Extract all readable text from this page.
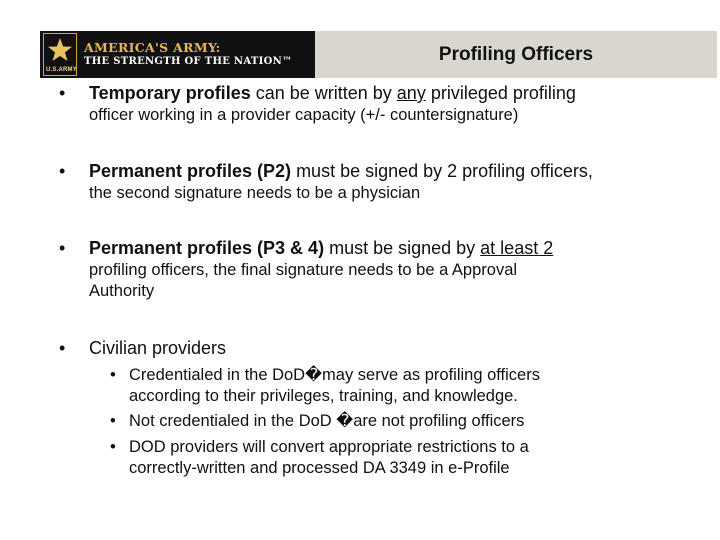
U.S.ARMY
AMERICA'S ARMY:
THE STRENGTH OF THE NATION™	Profiling Officers
• Temporary profiles can be written by any privileged profiling
officer working in a provider capacity (+/- countersignature)
• Permanent profiles (P2) must be signed by 2 profiling officers,
the second signature needs to be a physician
• Permanent profiles (P3 & 4) must be signed by at least 2
profiling officers, the final signature needs to be a Approval
Authority
• Civilian providers
• Credentialed in the DoD�may serve as profiling officers
according to their privileges, training, and knowledge.
• Not credentialed in the DoD �are not profiling officers
• DOD providers will convert appropriate restrictions to a
correctly-written and processed DA 3349 in e-Profile
